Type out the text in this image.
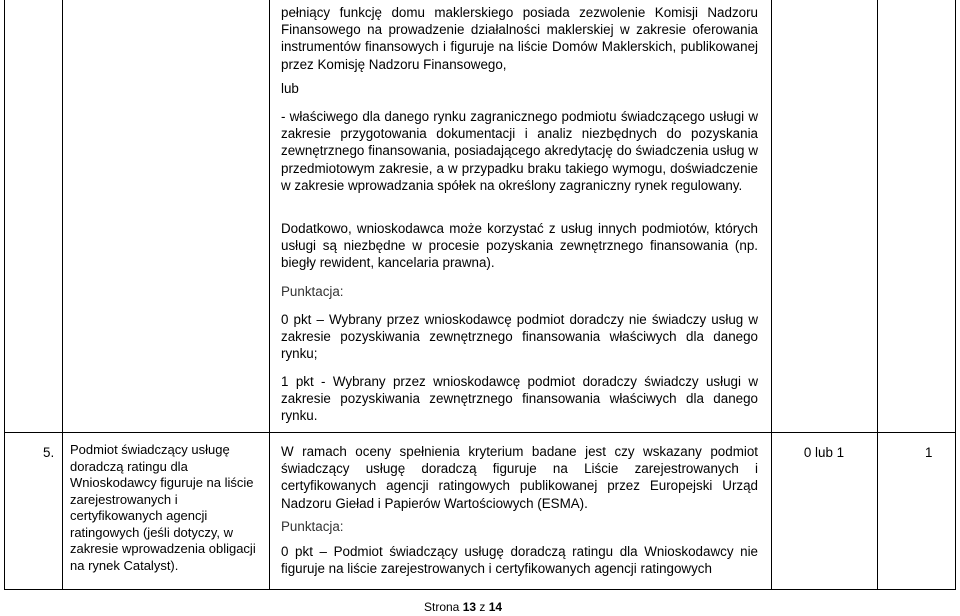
pełniący funkcję domu maklerskiego posiada zezwolenie Komisji Nadzoru Finansowego na prowadzenie działalności maklerskiej w zakresie oferowania instrumentów finansowych i figuruje na liście Domów Maklerskich, publikowanej przez Komisję Nadzoru Finansowego,

lub

- właściwego dla danego rynku zagranicznego podmiotu świadczącego usługi w zakresie przygotowania dokumentacji i analiz niezbędnych do pozyskania zewnętrznego finansowania, posiadającego akredytację do świadczenia usług w przedmiotowym zakresie, a w przypadku braku takiego wymogu, doświadczenie w zakresie wprowadzania spółek na określony zagraniczny rynek regulowany.

Dodatkowo, wnioskodawca może korzystać z usług innych podmiotów, których usługi są niezbędne w procesie pozyskania zewnętrznego finansowania (np. biegły rewident, kancelaria prawna).

Punktacja:

0 pkt – Wybrany przez wnioskodawcę podmiot doradczy nie świadczy usług w zakresie pozyskiwania zewnętrznego finansowania właściwych dla danego rynku;

1 pkt - Wybrany przez wnioskodawcę podmiot doradczy świadczy usługi w zakresie pozyskiwania zewnętrznego finansowania właściwych dla danego rynku.

5.	Podmiot świadczący usługę doradczą ratingu dla Wnioskodawcy figuruje na liście zarejestrowanych i certyfikowanych agencji ratingowych (jeśli dotyczy, w zakresie wprowadzenia obligacji na rynek Catalyst).

W ramach oceny spełnienia kryterium badane jest czy wskazany podmiot świadczący usługę doradczą figuruje na Liście zarejestrowanych i certyfikowanych agencji ratingowych publikowanej przez Europejski Urząd Nadzoru Gieład i Papierów Wartościowych (ESMA).

Punktacja:

0 pkt – Podmiot świadczący usługę doradczą ratingu dla Wnioskodawcy nie figuruje na liście zarejestrowanych i certyfikowanych agencji ratingowych

0 lub 1	1

Strona 13 z 14
